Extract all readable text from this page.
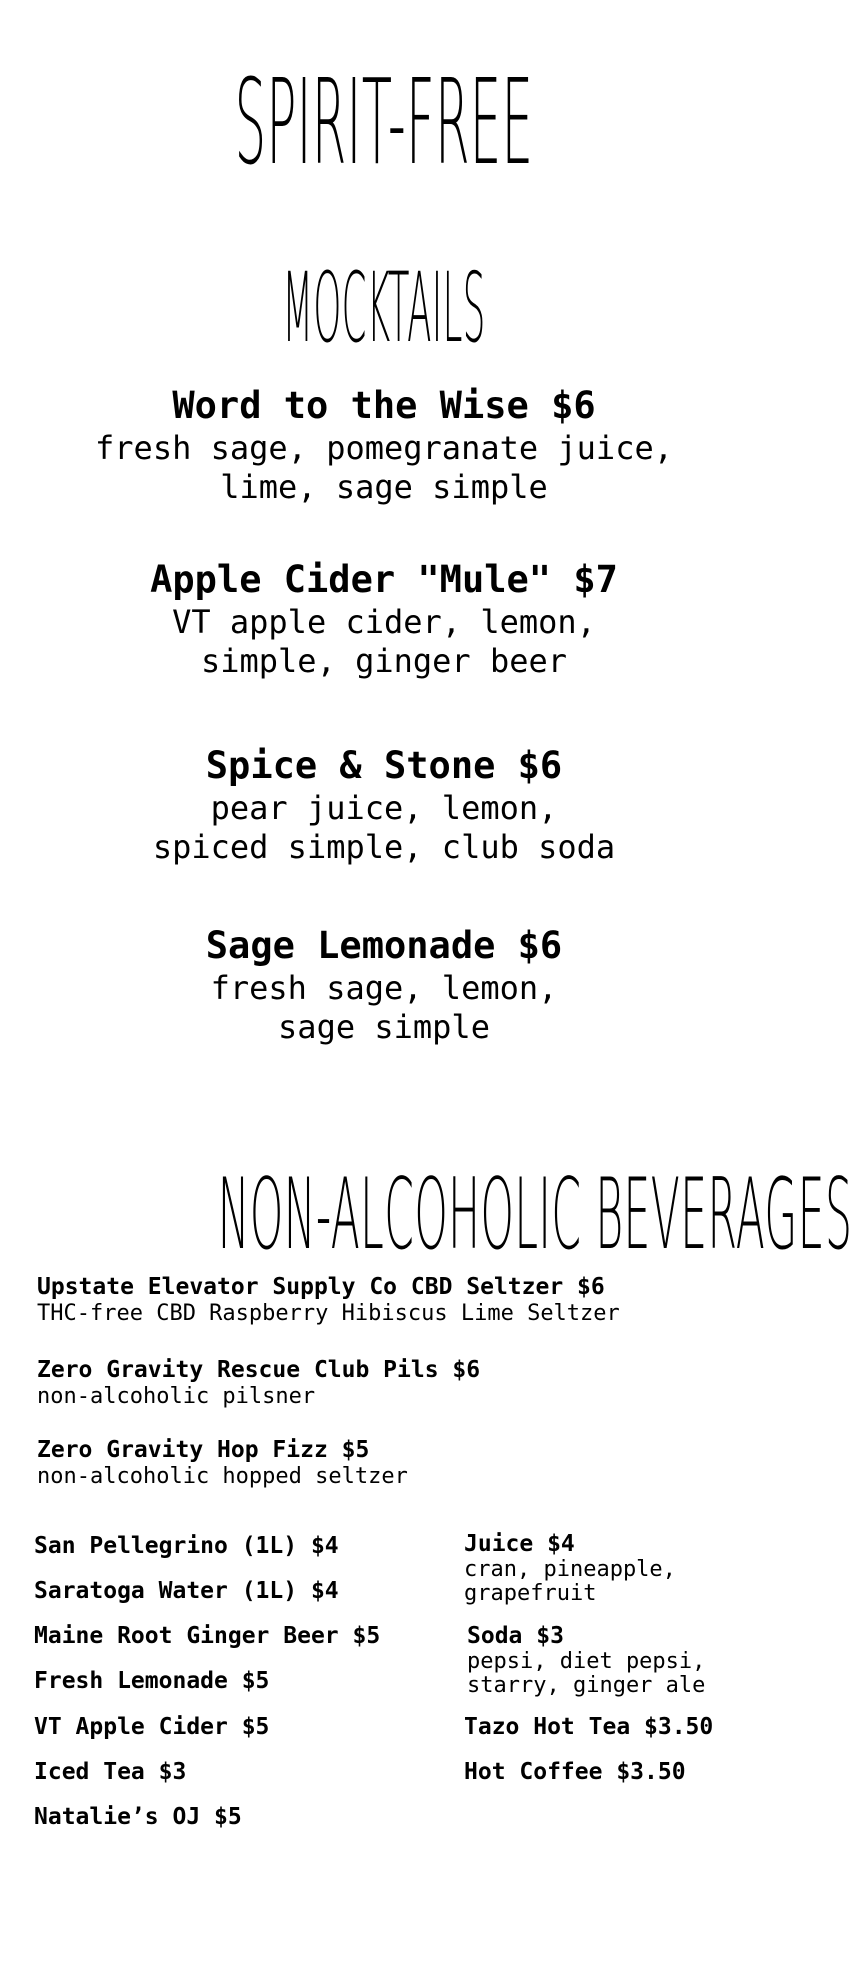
SPIRIT-FREE
MOCKTAILS
Word to the Wise $6
fresh sage, pomegranate juice,
lime, sage simple
Apple Cider "Mule" $7
VT apple cider, lemon,
simple, ginger beer
Spice & Stone $6
pear juice, lemon,
spiced simple, club soda
Sage Lemonade $6
fresh sage, lemon,
sage simple
NON-ALCOHOLIC BEVERAGES
Upstate Elevator Supply Co CBD Seltzer $6
THC-free CBD Raspberry Hibiscus Lime Seltzer
Zero Gravity Rescue Club Pils $6
non-alcoholic pilsner
Zero Gravity Hop Fizz $5
non-alcoholic hopped seltzer
San Pellegrino (1L) $4
Saratoga Water (1L) $4
Maine Root Ginger Beer $5
Fresh Lemonade $5
VT Apple Cider $5
Iced Tea $3
Natalie’s OJ $5
Juice $4
cran, pineapple,
grapefruit
Soda $3
pepsi, diet pepsi,
starry, ginger ale
Tazo Hot Tea $3.50
Hot Coffee $3.50
